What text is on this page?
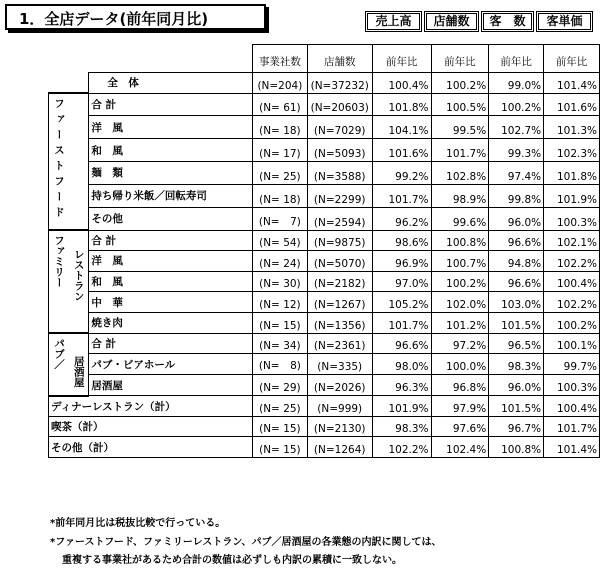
1．全店データ(前年同月比)	売上高	店舗数	客　数	客単価
			事業社数	店舗数	前年比	前年比	前年比	前年比
		全　体	(N=204)	(N=37232)	100.4%	100.2%	99.0%	101.4%
ファーストフード		合 計	(N= 61)	(N=20603)	101.8%	100.5%	100.2%	101.6%
		洋　風	(N= 18)	(N=7029)	104.1%	99.5%	102.7%	101.3%
		和　風	(N= 17)	(N=5093)	101.6%	101.7%	99.3%	102.3%
		麺　類	(N= 25)	(N=3588)	99.2%	102.8%	97.4%	101.8%
		持ち帰り米飯／回転寿司	(N= 18)	(N=2299)	101.7%	98.9%	99.8%	101.9%
		その他	(N=　7)	(N=2594)	96.2%	99.6%	96.0%	100.3%
ファミリー	レストラン	合 計	(N= 54)	(N=9875)	98.6%	100.8%	96.6%	102.1%
		洋　風	(N= 24)	(N=5070)	96.9%	100.7%	94.8%	102.2%
		和　風	(N= 30)	(N=2182)	97.0%	100.2%	96.6%	100.4%
		中　華	(N= 12)	(N=1267)	105.2%	102.0%	103.0%	102.2%
		焼き肉	(N= 15)	(N=1356)	101.7%	101.2%	101.5%	100.2%
パブ／	居酒屋	合 計	(N= 34)	(N=2361)	96.6%	97.2%	96.5%	100.1%
		パブ・ビアホール	(N=　8)	(N=335)	98.0%	100.0%	98.3%	99.7%
		居酒屋	(N= 29)	(N=2026)	96.3%	96.8%	96.0%	100.3%
ディナーレストラン（計）			(N= 25)	(N=999)	101.9%	97.9%	101.5%	100.4%
喫茶（計）			(N= 15)	(N=2130)	98.3%	97.6%	96.7%	101.7%
その他（計）			(N= 15)	(N=1264)	102.2%	102.4%	100.8%	101.4%
*前年同月比は税抜比較で行っている。
*ファーストフード、ファミリーレストラン、パブ／居酒屋の各業態の内訳に関しては、
重複する事業社があるため合計の数値は必ずしも内訳の累積に一致しない。
